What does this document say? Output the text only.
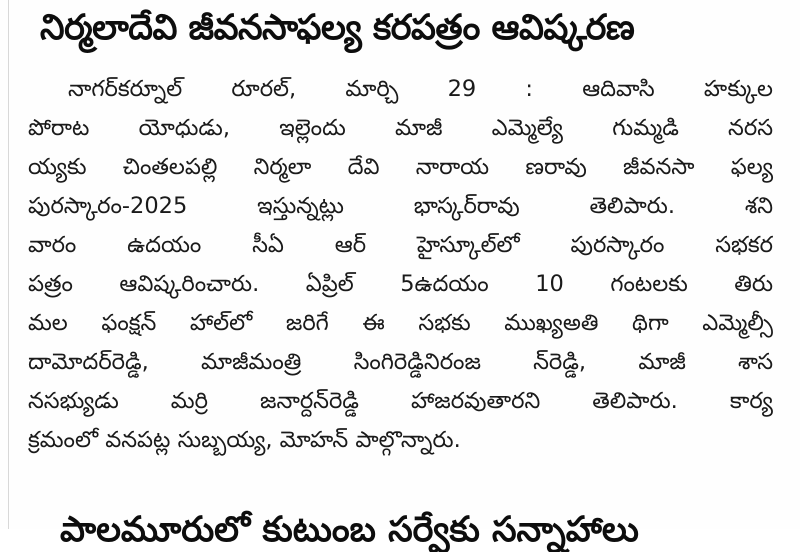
నిర్మలాదేవి జీవనసాఫల్య కరపత్రం ఆవిష్కరణ
నాగర్‌కర్నూల్ రూరల్, మార్చి 29 : ఆదివాసి హక్కుల
పోరాట యోధుడు, ఇల్లెందు మాజీ ఎమ్మెల్యే గుమ్మడి నరస
య్యకు చింతలపల్లి నిర్మలా దేవి నారాయ ణరావు జీవనసా ఫల్య
పురస్కారం-2025 ఇస్తున్నట్లు భాస్కర్‌రావు తెలిపారు. శని
వారం ఉదయం సీఏ ఆర్ హైస్కూల్‌లో పురస్కారం సభకర
పత్రం ఆవిష్కరించారు. ఏప్రిల్ 5ఉదయం 10 గంటలకు తిరు
మల ఫంక్షన్ హాల్‌లో జరిగే ఈ సభకు ముఖ్యఅతి థిగా ఎమ్మెల్సీ
దామోదర్‌రెడ్డి, మాజీమంత్రి సింగిరెడ్డినిరంజ న్‌రెడ్డి, మాజీ శాస
నసభ్యుడు మర్రి జనార్దన్‌రెడ్డి హాజరవుతారని తెలిపారు. కార్య
క్రమంలో వనపట్ల సుబ్బయ్య, మోహన్ పాల్గొన్నారు.
పాలమూరులో కుటుంబ సర్వేకు సన్నాహాలు
